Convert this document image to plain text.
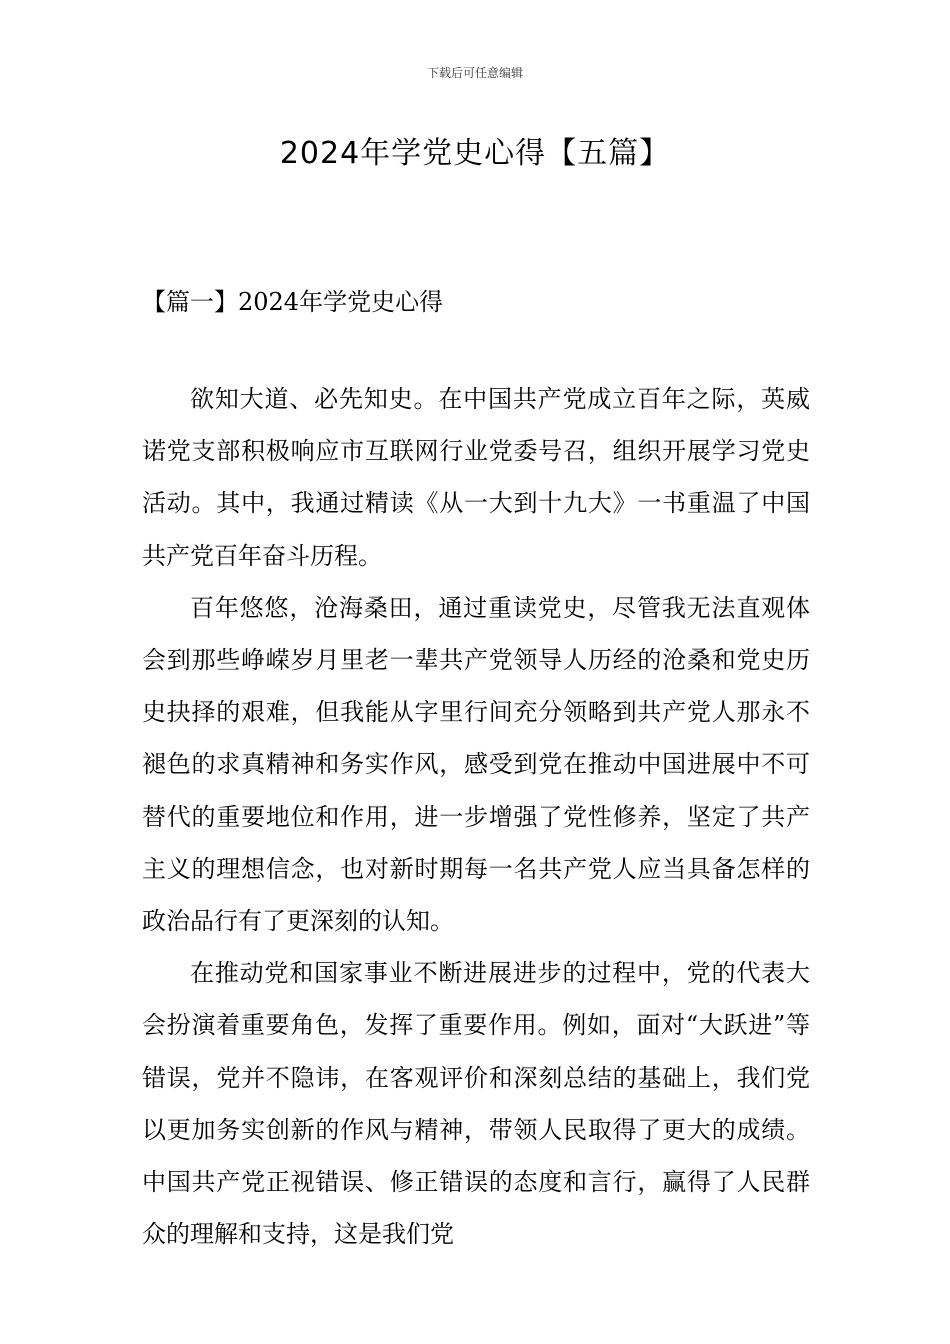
下载后可任意编辑
2024年学党史心得【五篇】
【篇一】2024年学党史心得

欲知大道、必先知史。在中国共产党成立百年之际，英威诺党支部积极响应市互联网行业党委号召，组织开展学习党史活动。其中，我通过精读《从一大到十九大》一书重温了中国共产党百年奋斗历程。

百年悠悠，沧海桑田，通过重读党史，尽管我无法直观体会到那些峥嵘岁月里老一辈共产党领导人历经的沧桑和党史历史抉择的艰难，但我能从字里行间充分领略到共产党人那永不褪色的求真精神和务实作风，感受到党在推动中国进展中不可替代的重要地位和作用，进一步增强了党性修养，坚定了共产主义的理想信念，也对新时期每一名共产党人应当具备怎样的政治品行有了更深刻的认知。

在推动党和国家事业不断进展进步的过程中，党的代表大会扮演着重要角色，发挥了重要作用。例如，面对“大跃进”等错误，党并不隐讳，在客观评价和深刻总结的基础上，我们党以更加务实创新的作风与精神，带领人民取得了更大的成绩。中国共产党正视错误、修正错误的态度和言行，赢得了人民群众的理解和支持，这是我们党
